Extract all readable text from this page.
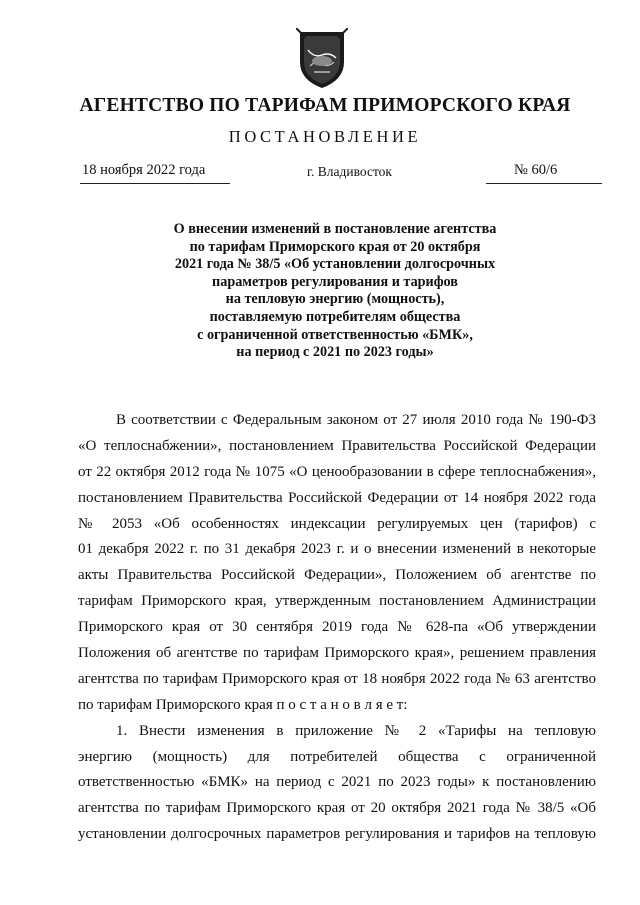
АГЕНТСТВО ПО ТАРИФАМ ПРИМОРСКОГО КРАЯ
ПОСТАНОВЛЕНИЕ
18 ноября 2022 года	г. Владивосток	№ 60/6
О внесении изменений в постановление агентства
по тарифам Приморского края от 20 октября
2021 года № 38/5 «Об установлении долгосрочных
параметров регулирования и тарифов
на тепловую энергию (мощность),
поставляемую потребителям общества
с ограниченной ответственностью «БМК»,
на период с 2021 по 2023 годы»
В соответствии с Федеральным законом от 27 июля 2010 года № 190-ФЗ
«О теплоснабжении», постановлением Правительства Российской Федерации
от 22 октября 2012 года № 1075 «О ценообразовании в сфере теплоснабжения»,
постановлением Правительства Российской Федерации от 14 ноября 2022 года
№ 2053 «Об особенностях индексации регулируемых цен (тарифов) с
01 декабря 2022 г. по 31 декабря 2023 г. и о внесении изменений в некоторые
акты Правительства Российской Федерации», Положением об агентстве по
тарифам Приморского края, утвержденным постановлением Администрации
Приморского края от 30 сентября 2019 года № 628-па «Об утверждении
Положения об агентстве по тарифам Приморского края», решением правления
агентства по тарифам Приморского края от 18 ноября 2022 года № 63 агентство
по тарифам Приморского края п о с т а н о в л я е т:
1. Внести изменения в приложение № 2 «Тарифы на тепловую
энергию (мощность) для потребителей общества с ограниченной
ответственностью «БМК» на период с 2021 по 2023 годы» к постановлению
агентства по тарифам Приморского края от 20 октября 2021 года № 38/5 «Об
установлении долгосрочных параметров регулирования и тарифов на тепловую
